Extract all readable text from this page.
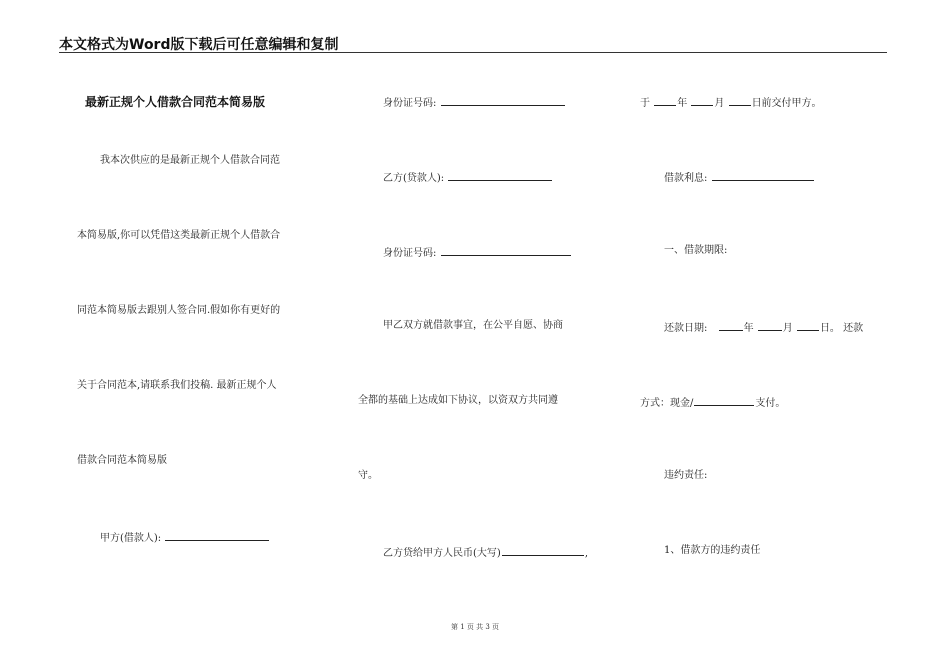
本文格式为Word版下载后可任意编辑和复制
最新正规个人借款合同范本简易版
我本次供应的是最新正规个人借款合同范
本简易版,你可以凭借这类最新正规个人借款合
同范本简易版去跟别人签合同.假如你有更好的
关于合同范本,请联系我们投稿. 最新正规个人
借款合同范本简易版
甲方(借款人):
身份证号码:
乙方(贷款人):
身份证号码:
甲乙双方就借款事宜，在公平自愿、协商
全都的基础上达成如下协议，以资双方共同遵
守。
乙方贷给甲方人民币(大写)	,
于	年	月	日前交付甲方。
借款利息:
一、借款期限:
还款日期:	年	月	日。 还款
方式：现金/	支付。
违约责任:
1、借款方的违约责任
第 1 页 共 3 页
